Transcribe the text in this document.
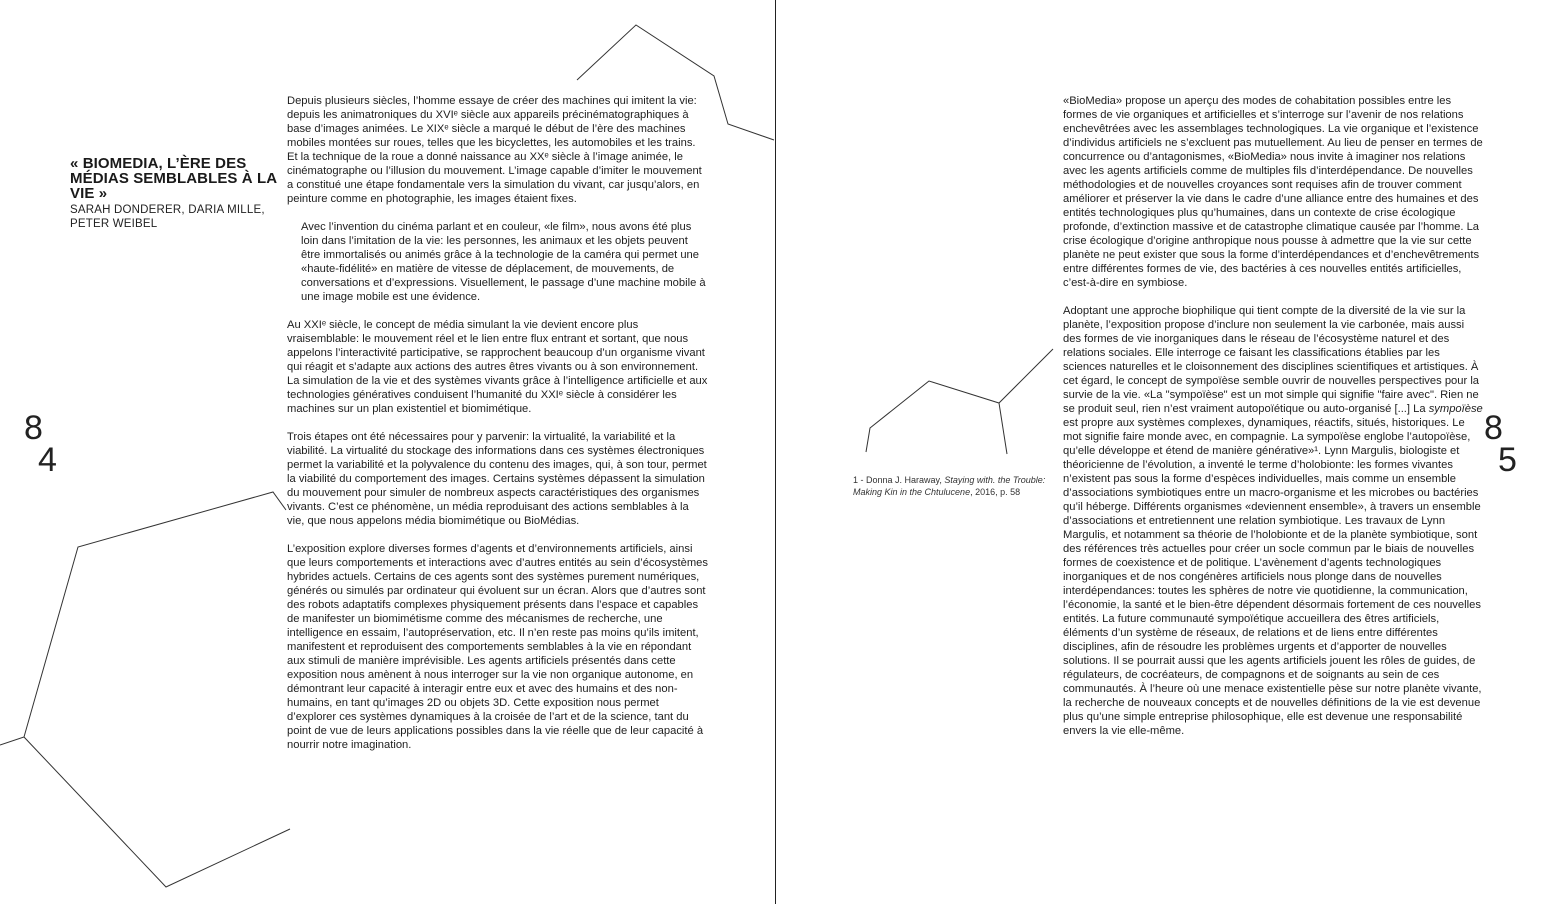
« BIOMEDIA, L’ÈRE DES MÉDIAS SEMBLABLES À LA VIE »
SARAH DONDERER, DARIA MILLE, PETER WEIBEL
8
4

Depuis plusieurs siècles, l’homme essaye de créer des machines qui imitent la vie: depuis les animatroniques du XVIᵉ siècle aux appareils précinématographiques à base d’images animées. Le XIXᵉ siècle a marqué le début de l’ère des machines mobiles montées sur roues, telles que les bicyclettes, les automobiles et les trains. Et la technique de la roue a donné naissance au XXᵉ siècle à l’image animée, le cinématographe ou l’illusion du mouvement. L’image capable d’imiter le mouvement a constitué une étape fondamentale vers la simulation du vivant, car jusqu’alors, en peinture comme en photographie, les images étaient fixes.

Avec l’invention du cinéma parlant et en couleur, «le film», nous avons été plus loin dans l’imitation de la vie: les personnes, les animaux et les objets peuvent être immortalisés ou animés grâce à la technologie de la caméra qui permet une «haute-fidélité» en matière de vitesse de déplacement, de mouvements, de conversations et d’expressions. Visuellement, le passage d’une machine mobile à une image mobile est une évidence.

Au XXIᵉ siècle, le concept de média simulant la vie devient encore plus vraisemblable: le mouvement réel et le lien entre flux entrant et sortant, que nous appelons l’interactivité participative, se rapprochent beaucoup d’un organisme vivant qui réagit et s’adapte aux actions des autres êtres vivants ou à son environnement. La simulation de la vie et des systèmes vivants grâce à l’intelligence artificielle et aux technologies génératives conduisent l’humanité du XXIᵉ siècle à considérer les machines sur un plan existentiel et biomimétique.

Trois étapes ont été nécessaires pour y parvenir: la virtualité, la variabilité et la viabilité. La virtualité du stockage des informations dans ces systèmes électroniques permet la variabilité et la polyvalence du contenu des images, qui, à son tour, permet la viabilité du comportement des images. Certains systèmes dépassent la simulation du mouvement pour simuler de nombreux aspects caractéristiques des organismes vivants. C’est ce phénomène, un média reproduisant des actions semblables à la vie, que nous appelons média biomimétique ou BioMédias.

L’exposition explore diverses formes d’agents et d’environnements artificiels, ainsi que leurs comportements et interactions avec d’autres entités au sein d’écosystèmes hybrides actuels. Certains de ces agents sont des systèmes purement numériques, générés ou simulés par ordinateur qui évoluent sur un écran. Alors que d’autres sont des robots adaptatifs complexes physiquement présents dans l’espace et capables de manifester un biomimétisme comme des mécanismes de recherche, une intelligence en essaim, l’autopréservation, etc. Il n’en reste pas moins qu’ils imitent, manifestent et reproduisent des comportements semblables à la vie en répondant aux stimuli de manière imprévisible. Les agents artificiels présentés dans cette exposition nous amènent à nous interroger sur la vie non organique autonome, en démontrant leur capacité à interagir entre eux et avec des humains et des non-humains, en tant qu’images 2D ou objets 3D. Cette exposition nous permet d’explorer ces systèmes dynamiques à la croisée de l’art et de la science, tant du point de vue de leurs applications possibles dans la vie réelle que de leur capacité à nourrir notre imagination.

1 - Donna J. Haraway, Staying with. the Trouble: Making Kin in the Chtulucene, 2016, p. 58

«BioMedia» propose un aperçu des modes de cohabitation possibles entre les formes de vie organiques et artificielles et s’interroge sur l’avenir de nos relations enchevêtrées avec les assemblages technologiques. La vie organique et l’existence d’individus artificiels ne s’excluent pas mutuellement. Au lieu de penser en termes de concurrence ou d’antagonismes, «BioMedia» nous invite à imaginer nos relations avec les agents artificiels comme de multiples fils d’interdépendance. De nouvelles méthodologies et de nouvelles croyances sont requises afin de trouver comment améliorer et préserver la vie dans le cadre d’une alliance entre des humaines et des entités technologiques plus qu’humaines, dans un contexte de crise écologique profonde, d’extinction massive et de catastrophe climatique causée par l’homme. La crise écologique d’origine anthropique nous pousse à admettre que la vie sur cette planète ne peut exister que sous la forme d’interdépendances et d’enchevêtrements entre différentes formes de vie, des bactéries à ces nouvelles entités artificielles, c’est-à-dire en symbiose.

Adoptant une approche biophilique qui tient compte de la diversité de la vie sur la planète, l’exposition propose d’inclure non seulement la vie carbonée, mais aussi des formes de vie inorganiques dans le réseau de l’écosystème naturel et des relations sociales. Elle interroge ce faisant les classifications établies par les sciences naturelles et le cloisonnement des disciplines scientifiques et artistiques. À cet égard, le concept de sympoïèse semble ouvrir de nouvelles perspectives pour la survie de la vie. «La "sympoïèse" est un mot simple qui signifie "faire avec". Rien ne se produit seul, rien n’est vraiment autopoïétique ou auto-organisé [...] La sympoïèse est propre aux systèmes complexes, dynamiques, réactifs, situés, historiques. Le mot signifie faire monde avec, en compagnie. La sympoïèse englobe l’autopoïèse, qu’elle développe et étend de manière générative»¹. Lynn Margulis, biologiste et théoricienne de l’évolution, a inventé le terme d’holobionte: les formes vivantes n’existent pas sous la forme d’espèces individuelles, mais comme un ensemble d’associations symbiotiques entre un macro-organisme et les microbes ou bactéries qu’il héberge. Différents organismes «deviennent ensemble», à travers un ensemble d’associations et entretiennent une relation symbiotique. Les travaux de Lynn Margulis, et notamment sa théorie de l’holobionte et de la planète symbiotique, sont des références très actuelles pour créer un socle commun par le biais de nouvelles formes de coexistence et de politique. L’avènement d’agents technologiques inorganiques et de nos congénères artificiels nous plonge dans de nouvelles interdépendances: toutes les sphères de notre vie quotidienne, la communication, l’économie, la santé et le bien-être dépendent désormais fortement de ces nouvelles entités. La future communauté sympoïétique accueillera des êtres artificiels, éléments d’un système de réseaux, de relations et de liens entre différentes disciplines, afin de résoudre les problèmes urgents et d’apporter de nouvelles solutions. Il se pourrait aussi que les agents artificiels jouent les rôles de guides, de régulateurs, de cocréateurs, de compagnons et de soignants au sein de ces communautés. À l’heure où une menace existentielle pèse sur notre planète vivante, la recherche de nouveaux concepts et de nouvelles définitions de la vie est devenue plus qu’une simple entreprise philosophique, elle est devenue une responsabilité envers la vie elle-même.

8
5
